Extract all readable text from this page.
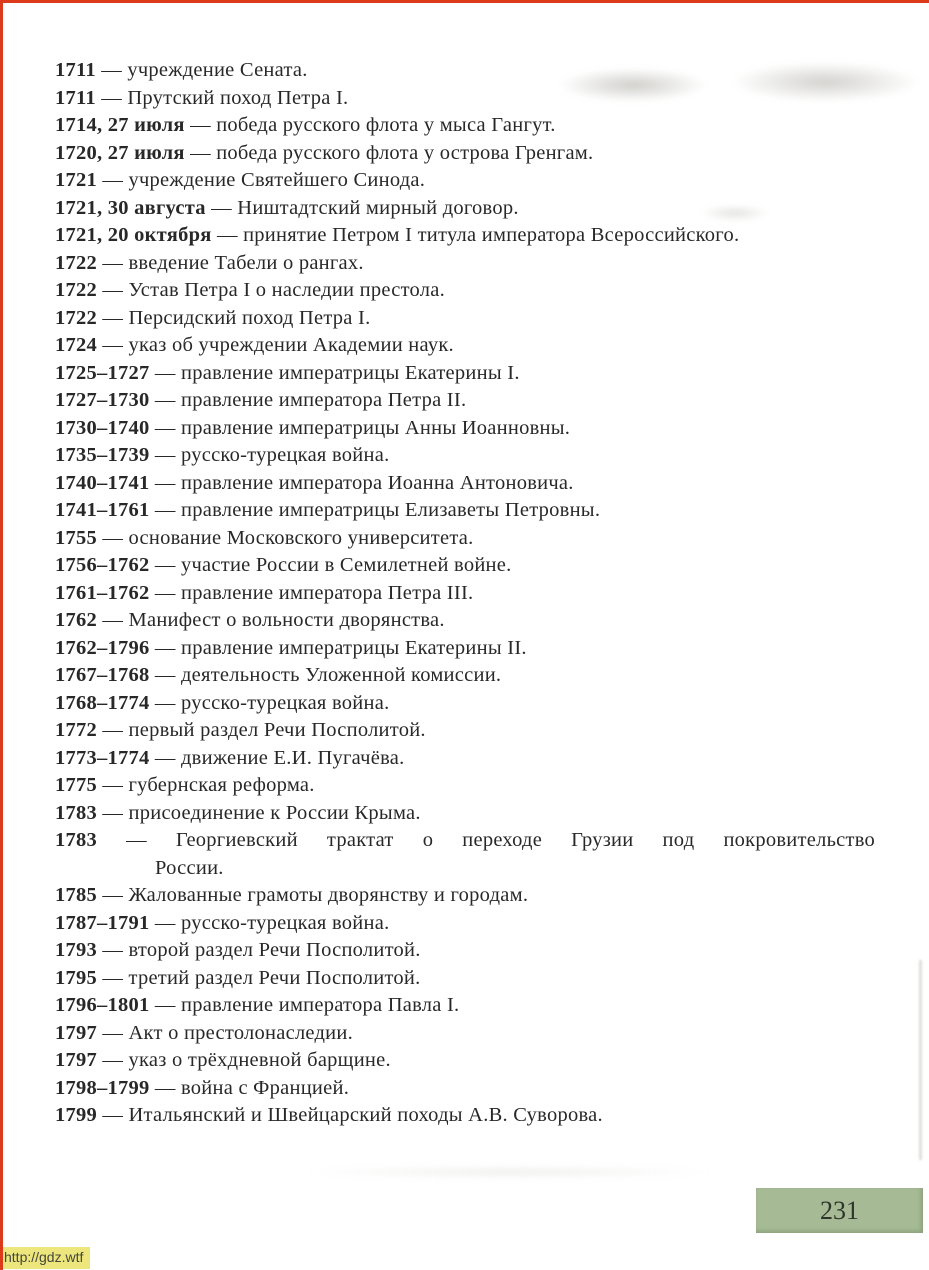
1711 — учреждение Сената.

1711 — Прутский поход Петра I.

1714, 27 июля — победа русского флота у мыса Гангут.

1720, 27 июля — победа русского флота у острова Гренгам.

1721 — учреждение Святейшего Синода.

1721, 30 августа — Ништадтский мирный договор.

1721, 20 октября — принятие Петром I титула императора Всероссийского.

1722 — введение Табели о рангах.

1722 — Устав Петра I о наследии престола.

1722 — Персидский поход Петра I.

1724 — указ об учреждении Академии наук.

1725–1727 — правление императрицы Екатерины I.

1727–1730 — правление императора Петра II.

1730–1740 — правление императрицы Анны Иоанновны.

1735–1739 — русско-турецкая война.

1740–1741 — правление императора Иоанна Антоновича.

1741–1761 — правление императрицы Елизаветы Петровны.

1755 — основание Московского университета.

1756–1762 — участие России в Семилетней войне.

1761–1762 — правление императора Петра III.

1762 — Манифест о вольности дворянства.

1762–1796 — правление императрицы Екатерины II.

1767–1768 — деятельность Уложенной комиссии.

1768–1774 — русско-турецкая война.

1772 — первый раздел Речи Посполитой.

1773–1774 — движение Е.И. Пугачёва.

1775 — губернская реформа.

1783 — присоединение к России Крыма.

1783 — Георгиевский трактат о переходе Грузии под покровительствоРоссии.

1785 — Жалованные грамоты дворянству и городам.

1787–1791 — русско-турецкая война.

1793 — второй раздел Речи Посполитой.

1795 — третий раздел Речи Посполитой.

1796–1801 — правление императора Павла I.

1797 — Акт о престолонаследии.

1797 — указ о трёхдневной барщине.

1798–1799 — война с Францией.

1799 — Итальянский и Швейцарский походы А.В. Суворова.

231
http://gdz.wtf
